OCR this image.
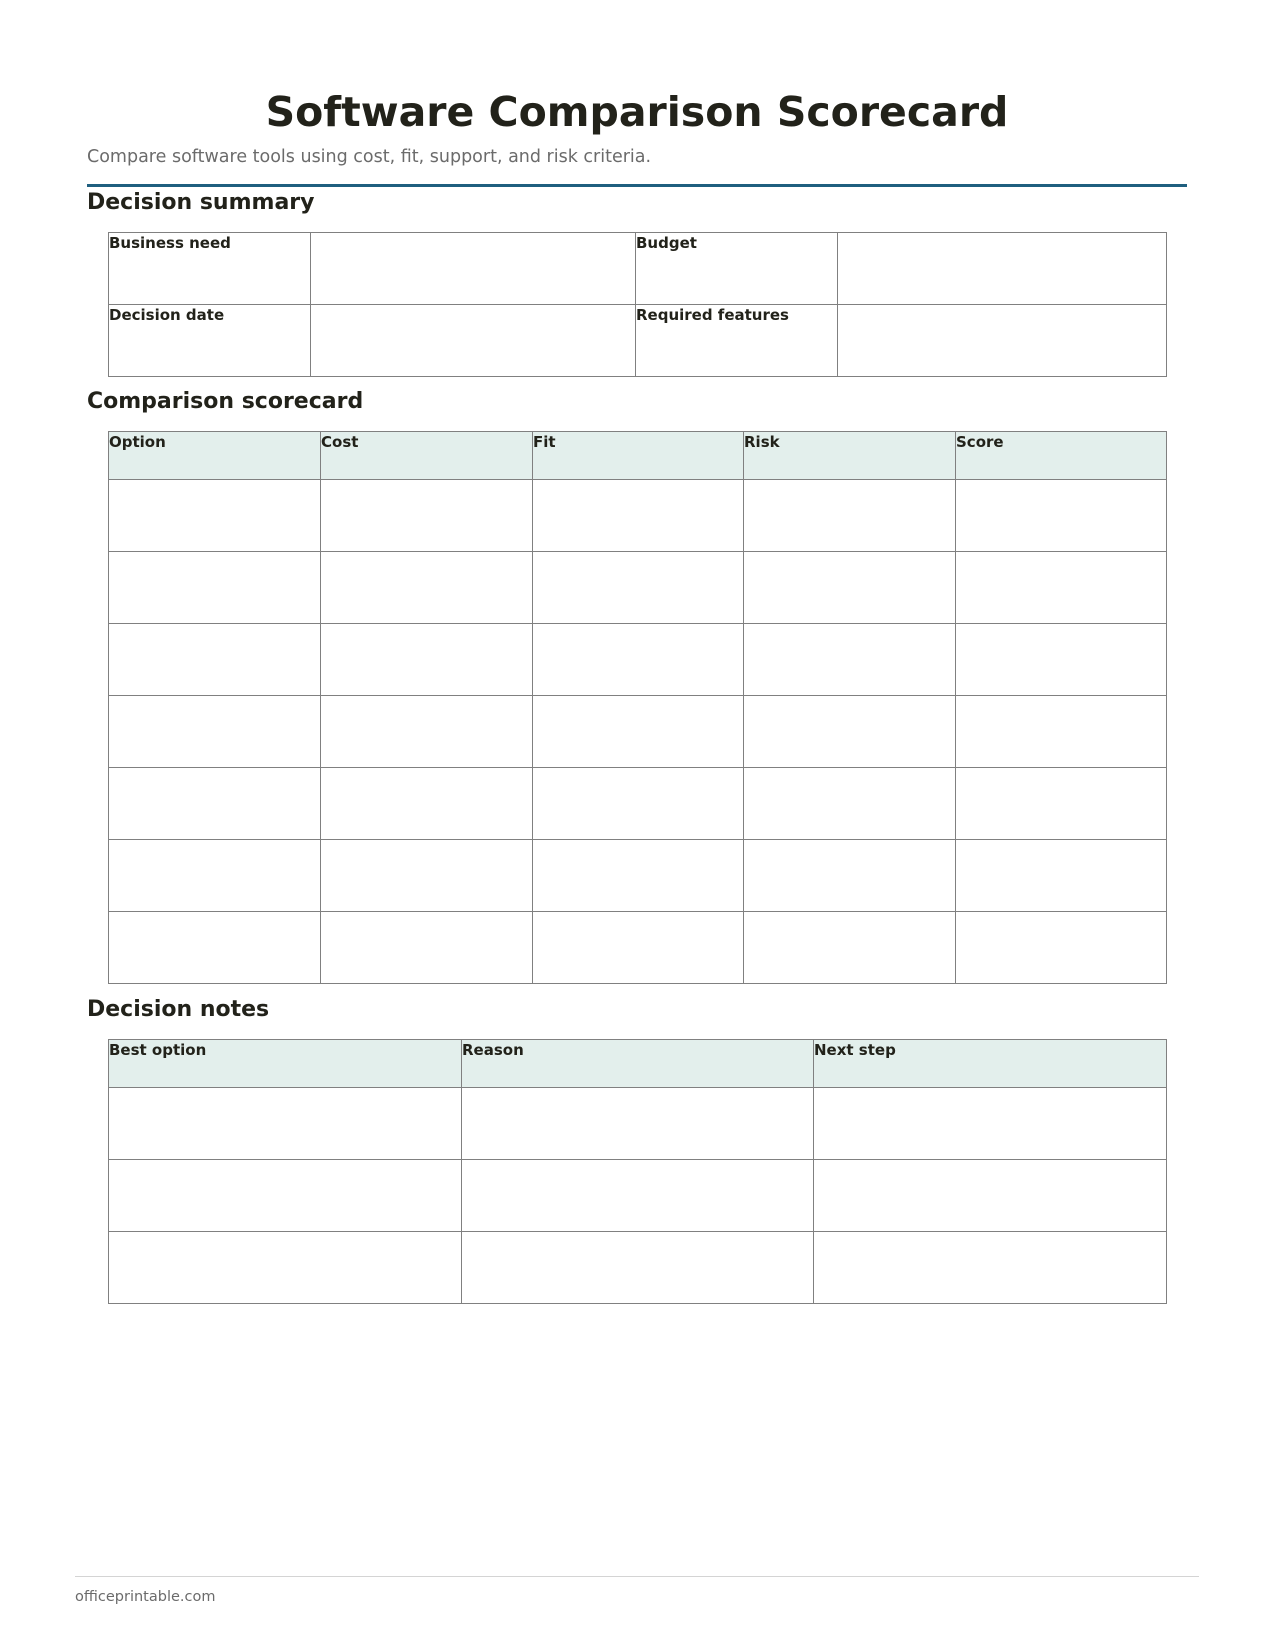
Software Comparison Scorecard

Compare software tools using cost, fit, support, and risk criteria.

Decision summary
Business need		Budget	
Decision date		Required features	
Comparison scorecard
Option	Cost	Fit	Risk	Score

Decision notes
Best option	Reason	Next step

officeprintable.com
